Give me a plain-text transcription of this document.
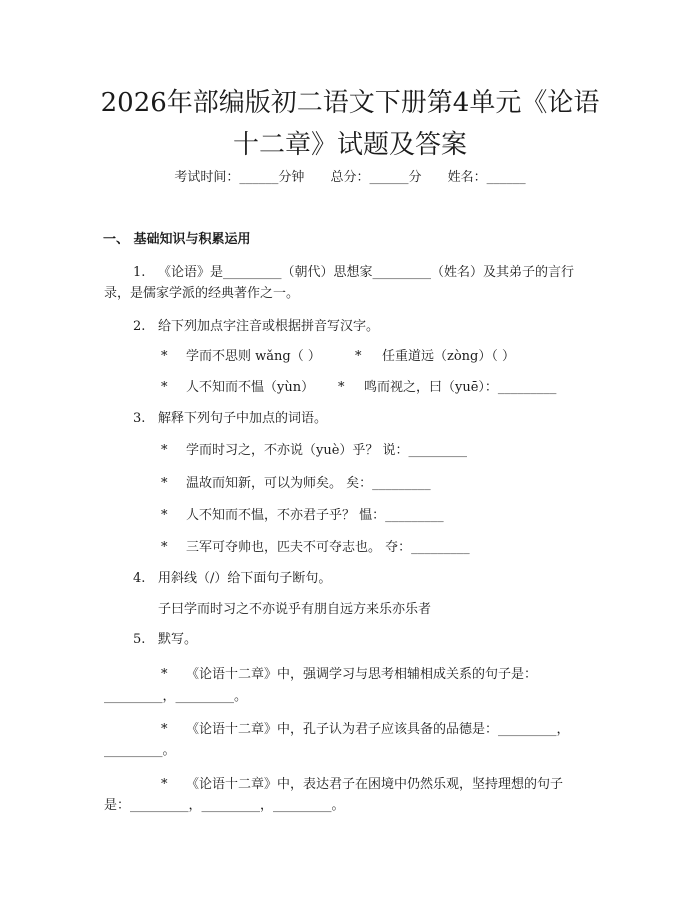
2026年部编版初二语文下册第4单元《论语
十二章》试题及答案
考试时间：______分钟 总分：______分 姓名：______
一、 基础知识与积累运用
1. 《论语》是_________（朝代）思想家_________（姓名）及其弟子的言行
录，是儒家学派的经典著作之一。
2. 给下列加点字注音或根据拼音写汉字。
* 学而不思则 wǎng（ ）	* 任重道远（zòng）（ ）
* 人不知而不愠（yùn） * 鸣而视之，曰（yuē）：_________
3. 解释下列句子中加点的词语。
* 学而时习之，不亦说（yuè）乎？ 说：_________
* 温故而知新，可以为师矣。 矣：_________
* 人不知而不愠，不亦君子乎？ 愠：_________
* 三军可夺帅也，匹夫不可夺志也。 夺：_________
4. 用斜线（/）给下面句子断句。
子曰学而时习之不亦说乎有朋自远方来乐亦乐者
5. 默写。
* 《论语十二章》中，强调学习与思考相辅相成关系的句子是：
_________，_________。
* 《论语十二章》中，孔子认为君子应该具备的品德是：_________，
_________。
* 《论语十二章》中，表达君子在困境中仍然乐观，坚持理想的句子
是：_________，_________，_________。
